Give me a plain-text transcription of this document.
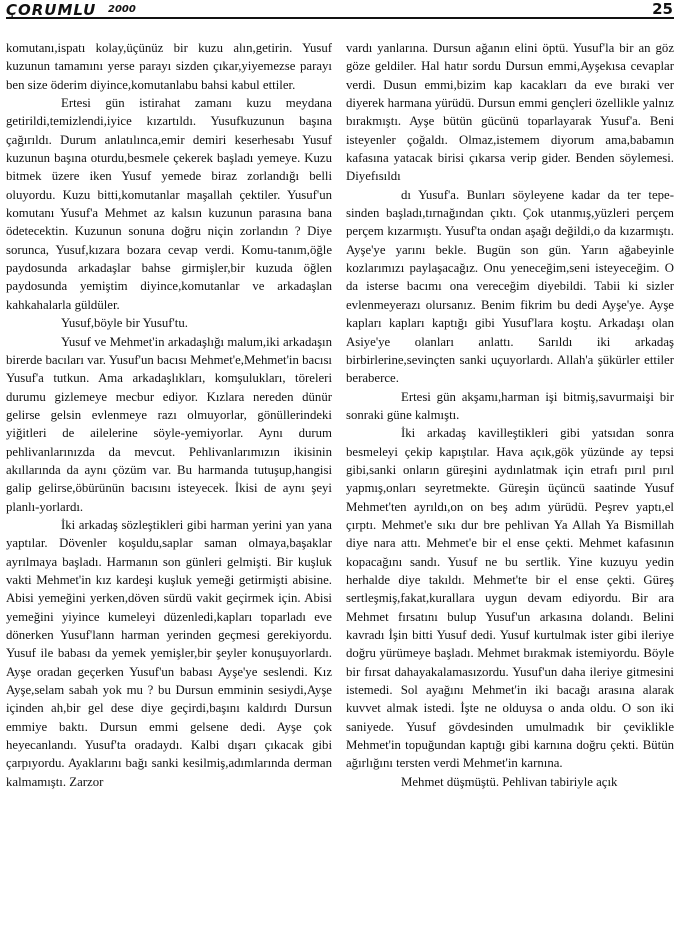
ÇORUMLU 2000	25

komutanı,ispatı kolay,üçünüz bir kuzu alın,getirin. Yusuf kuzunun tamamını yerse parayı sizden çıkar,yiyemezse parayı ben size öderim diyince,komutanlabu bahsi kabul ettiler.

Ertesi gün istirahat zamanı kuzu meydana getirildi,temizlendi,iyice kızartıldı. Yusufkuzunun başına çağırıldı. Durum anlatılınca,emir demiri keserhesabı Yusuf kuzunun başına oturdu,besmele çekerek başladı yemeye. Kuzu bitmek üzere iken Yusuf yemede biraz zorlandığı belli oluyordu. Kuzu bitti,komutanlar maşallah çektiler. Yusuf'un komutanı Yusuf'a Mehmet az kalsın kuzunun parasına bana ödetecektin. Kuzunun sonuna doğru niçin zorlandın ? Diye sorunca, Yusuf,kızara bozara cevap verdi. Komu-tanım,öğle paydosunda arkadaşlar bahse girmişler,bir kuzuda öğlen paydosunda yemiştim diyince,komutanlar ve arkadaşlan kahkahalarla güldüler.

Yusuf,böyle bir Yusuf'tu.

Yusuf ve Mehmet'in arkadaşlığı malum,iki arkadaşın birerde bacıları var. Yusuf'un bacısı Mehmet'e,Mehmet'in bacısı Yusuf'a tutkun. Ama arkadaşlıkları, komşulukları, töreleri durumu gizlemeye mecbur ediyor. Kızlara nereden dünür gelirse gelsin evlenmeye razı olmuyorlar, gönüllerindeki yiğitleri de ailelerine söyle-yemiyorlar. Aynı durum pehlivanlarınızda da mevcut. Pehlivanlarımızın ikisinin akıllarında da aynı çözüm var. Bu harmanda tutuşup,hangisi galip gelirse,öbürünün bacısını isteyecek. İkisi de aynı şeyi planlı-yorlardı.

İki arkadaş sözleştikleri gibi harman yerini yan yana yaptılar. Dövenler koşuldu,saplar saman olmaya,başaklar ayrılmaya başladı. Harmanın son günleri gelmişti. Bir kuşluk vakti Mehmet'in kız kardeşi kuşluk yemeği getirmişti abisine. Abisi yemeğini yerken,döven sürdü vakit geçirmek için. Abisi yemeğini yiyince kumeleyi düzenledi,kapları toparladı eve dönerken Yusuf'lann harman yerinden geçmesi gerekiyordu. Yusuf ile babası da yemek yemişler,bir şeyler konuşuyorlardı. Ayşe oradan geçerken Yusuf'un babası Ayşe'ye seslendi. Kız Ayşe,selam sabah yok mu ? bu Dursun emminin sesiydi,Ayşe içinden ah,bir gel dese diye geçirdi,başını kaldırdı Dursun emmiye baktı. Dursun emmi gelsene dedi. Ayşe çok heyecanlandı. Yusuf'ta oradaydı. Kalbi dışarı çıkacak gibi çarpıyordu. Ayaklarını bağı sanki kesilmiş,adımlarında derman kalmamıştı. Zarzor

vardı yanlarına. Dursun ağanın elini öptü. Yusuf'la bir an göz göze geldiler. Hal hatır sordu Dursun emmi,Ayşekısa cevaplar verdi. Dusun emmi,bizim kap kacakları da eve bıraki ver diyerek harmana yürüdü. Dursun emmi gençleri özellikle yalnız bırakmıştı. Ayşe bütün gücünü toparlayarak Yusuf'a. Beni isteyenler çoğaldı. Olmaz,istemem diyorum ama,babamın kafasına yatacak birisi çıkarsa verip gider. Benden söylemesi. Diyefısıldı

dı Yusuf'a. Bunları söyleyene kadar da ter tepe-sinden başladı,tırnağından çıktı. Çok utanmış,yüzleri perçem perçem kızarmıştı. Yusuf'ta ondan aşağı değildi,o da kızarmıştı. Ayşe'ye yarını bekle. Bugün son gün. Yarın ağabeyinle kozlarımızı paylaşacağız. Onu yeneceğim,seni isteyeceğim. O da isterse bacımı ona vereceğim diyebildi. Tabii ki sizler evlenmeyerazı olursanız. Benim fikrim bu dedi Ayşe'ye. Ayşe kapları kapları kaptığı gibi Yusuf'lara koştu. Arkadaşı olan Asiye'ye olanları anlattı. Sarıldı iki arkadaş birbirlerine,sevinçten sanki uçuyorlardı. Allah'a şükürler ettiler beraberce.

Ertesi gün akşamı,harman işi bitmiş,savurmaişi bir sonraki güne kalmıştı.

İki arkadaş kavilleştikleri gibi yatsıdan sonra besmeleyi çekip kapıştılar. Hava açık,gök yüzünde ay tepsi gibi,sanki onların güreşini aydınlatmak için etrafı pırıl pırıl yapmış,onları seyretmekte. Güreşin üçüncü saatinde Yusuf Mehmet'ten ayrıldı,on on beş adım yürüdü. Peşrev yaptı,el çırptı. Mehmet'e sıkı dur bre pehlivan Ya Allah Ya Bismillah diye nara attı. Mehmet'e bir el ense çekti. Mehmet kafasının kopacağını sandı. Yusuf ne bu sertlik. Yine kuzuyu yedin herhalde diye takıldı. Mehmet'te bir el ense çekti. Güreş sertleşmiş,fakat,kurallara uygun devam ediyordu. Bir ara Mehmet fırsatını bulup Yusuf'un arkasına dolandı. Belini kavradı İşin bitti Yusuf dedi. Yusuf kurtulmak ister gibi ileriye doğru yürümeye başladı. Mehmet bırakmak istemiyordu. Böyle bir fırsat dahayakalamasızordu. Yusuf'un daha ileriye gitmesini istemedi. Sol ayağını Mehmet'in iki bacağı arasına alarak kuvvet almak istedi. İşte ne olduysa o anda oldu. O son iki saniyede. Yusuf gövdesinden umulmadık bir çeviklikle Mehmet'in topuğundan kaptığı gibi karnına doğru çekti. Bütün ağırlığını tersten verdi Mehmet'in karnına.

Mehmet düşmüştü. Pehlivan tabiriyle açık
